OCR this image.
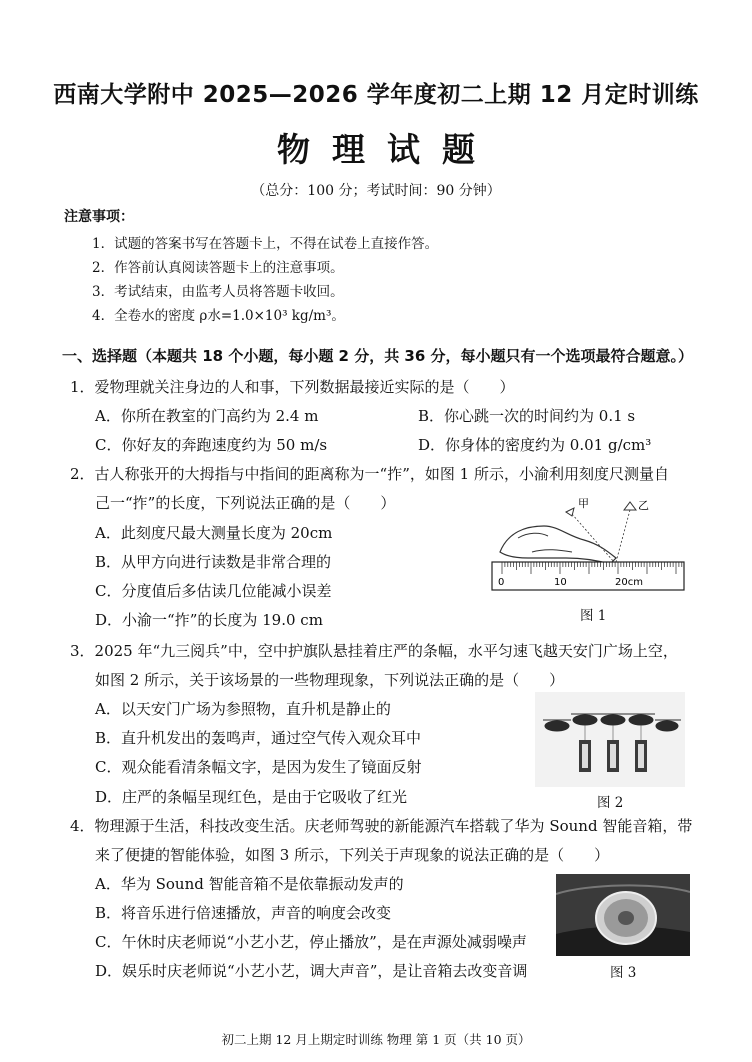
西南大学附中 2025—2026 学年度初二上期 12 月定时训练
物理试题
（总分：100 分；考试时间：90 分钟）
注意事项：
1．试题的答案书写在答题卡上，不得在试卷上直接作答。
2．作答前认真阅读答题卡上的注意事项。
3．考试结束，由监考人员将答题卡收回。
4．全卷水的密度 ρ水=1.0×10³ kg/m³。
一、选择题（本题共 18 个小题，每小题 2 分，共 36 分，每小题只有一个选项最符合题意。）
1．爱物理就关注身边的人和事，下列数据最接近实际的是（　　）
A．你所在教室的门高约为 2.4 m	B．你心跳一次的时间约为 0.1 s
C．你好友的奔跑速度约为 50 m/s	D．你身体的密度约为 0.01 g/cm³
2．古人称张开的大拇指与中指间的距离称为一“拃”，如图 1 所示，小渝利用刻度尺测量自
己一“拃”的长度，下列说法正确的是（　　）
A．此刻度尺最大测量长度为 20cm
B．从甲方向进行读数是非常合理的
C．分度值后多估读几位能减小误差
D．小渝一“拃”的长度为 19.0 cm
甲	乙
0	10	20cm
图 1
3．2025 年“九三阅兵”中，空中护旗队悬挂着庄严的条幅，水平匀速飞越天安门广场上空，
如图 2 所示，关于该场景的一些物理现象，下列说法正确的是（　　）
A．以天安门广场为参照物，直升机是静止的
B．直升机发出的轰鸣声，通过空气传入观众耳中
C．观众能看清条幅文字，是因为发生了镜面反射
D．庄严的条幅呈现红色，是由于它吸收了红光	图 2
4．物理源于生活，科技改变生活。庆老师驾驶的新能源汽车搭载了华为 Sound 智能音箱，带
来了便捷的智能体验，如图 3 所示，下列关于声现象的说法正确的是（　　）
A．华为 Sound 智能音箱不是依靠振动发声的
B．将音乐进行倍速播放，声音的响度会改变
C．午休时庆老师说“小艺小艺，停止播放”，是在声源处减弱噪声
D．娱乐时庆老师说“小艺小艺，调大声音”，是让音箱去改变音调	图 3
初二上期 12 月上期定时训练 物理 第 1 页（共 10 页）
